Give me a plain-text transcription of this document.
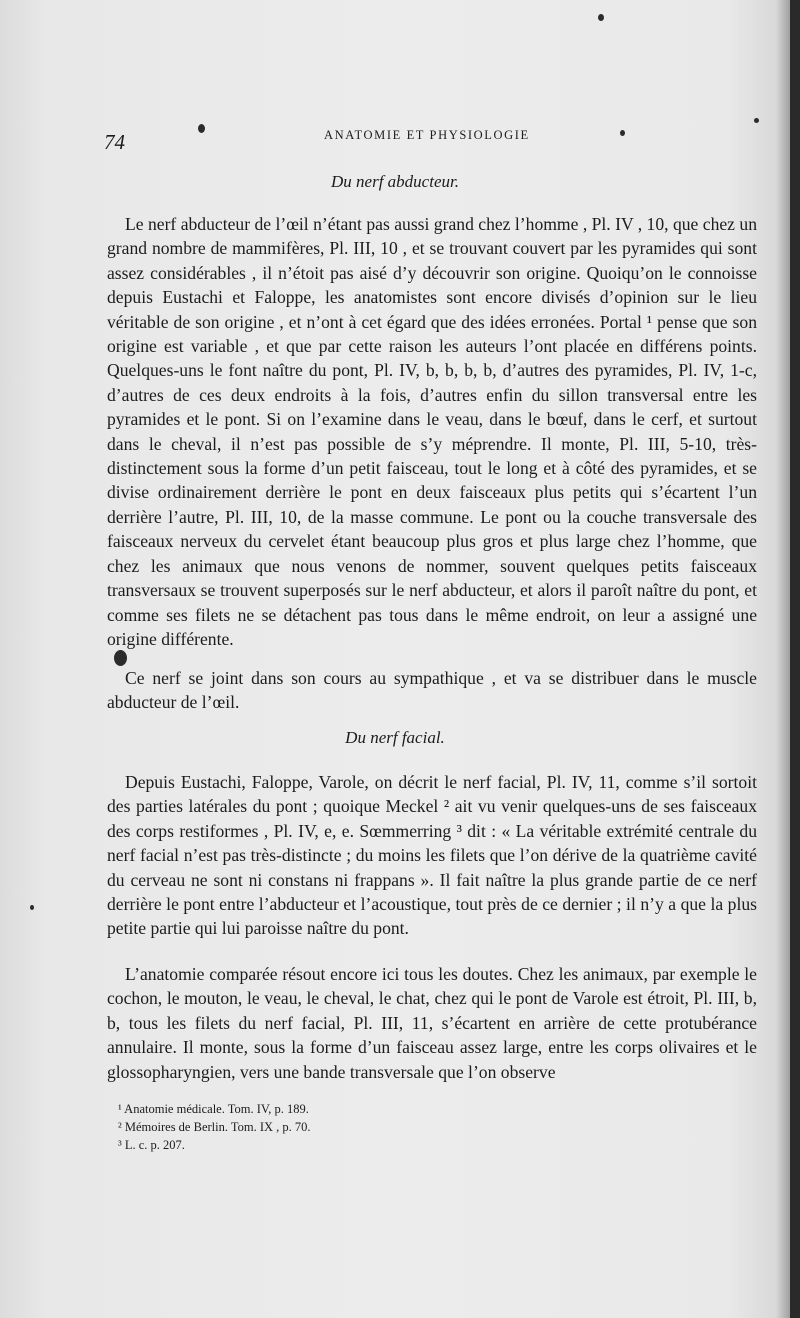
74	ANATOMIE ET PHYSIOLOGIE
Du nerf abducteur.

Le nerf abducteur de l’œil n’étant pas aussi grand chez l’homme , Pl. IV , 10, que chez un grand nombre de mammifères, Pl. III, 10 , et se trouvant couvert par les pyramides qui sont assez considérables , il n’étoit pas aisé d’y découvrir son origine. Quoiqu’on le connoisse depuis Eustachi et Faloppe, les anatomistes sont encore divisés d’opinion sur le lieu véritable de son origine , et n’ont à cet égard que des idées erronées. Portal ¹ pense que son origine est variable , et que par cette raison les auteurs l’ont placée en différens points. Quelques-uns le font naître du pont, Pl. IV, b, b, b, b, d’autres des pyramides, Pl. IV, 1-c, d’autres de ces deux endroits à la fois, d’autres enfin du sillon transversal entre les pyramides et le pont. Si on l’examine dans le veau, dans le bœuf, dans le cerf, et surtout dans le cheval, il n’est pas possible de s’y méprendre. Il monte, Pl. III, 5-10, très-distinctement sous la forme d’un petit faisceau, tout le long et à côté des pyramides, et se divise ordinairement derrière le pont en deux faisceaux plus petits qui s’écartent l’un derrière l’autre, Pl. III, 10, de la masse commune. Le pont ou la couche transversale des faisceaux nerveux du cervelet étant beaucoup plus gros et plus large chez l’homme, que chez les animaux que nous venons de nommer, souvent quelques petits faisceaux transversaux se trouvent superposés sur le nerf abducteur, et alors il paroît naître du pont, et comme ses filets ne se détachent pas tous dans le même endroit, on leur a assigné une origine différente.

Ce nerf se joint dans son cours au sympathique , et va se distribuer dans le muscle abducteur de l’œil.

Du nerf facial.

Depuis Eustachi, Faloppe, Varole, on décrit le nerf facial, Pl. IV, 11, comme s’il sortoit des parties latérales du pont ; quoique Meckel ² ait vu venir quelques-uns de ses faisceaux des corps restiformes , Pl. IV, e, e. Sœmmerring ³ dit : « La véritable extrémité centrale du nerf facial n’est pas très-distincte ; du moins les filets que l’on dérive de la quatrième cavité du cerveau ne sont ni constans ni frappans ». Il fait naître la plus grande partie de ce nerf derrière le pont entre l’abducteur et l’acoustique, tout près de ce dernier ; il n’y a que la plus petite partie qui lui paroisse naître du pont.

L’anatomie comparée résout encore ici tous les doutes. Chez les animaux, par exemple le cochon, le mouton, le veau, le cheval, le chat, chez qui le pont de Varole est étroit, Pl. III, b, b, tous les filets du nerf facial, Pl. III, 11, s’écartent en arrière de cette protubérance annulaire. Il monte, sous la forme d’un faisceau assez large, entre les corps olivaires et le glossopharyngien, vers une bande transversale que l’on observe

¹ Anatomie médicale. Tom. IV, p. 189.
² Mémoires de Berlin. Tom. IX , p. 70.
³ L. c. p. 207.
